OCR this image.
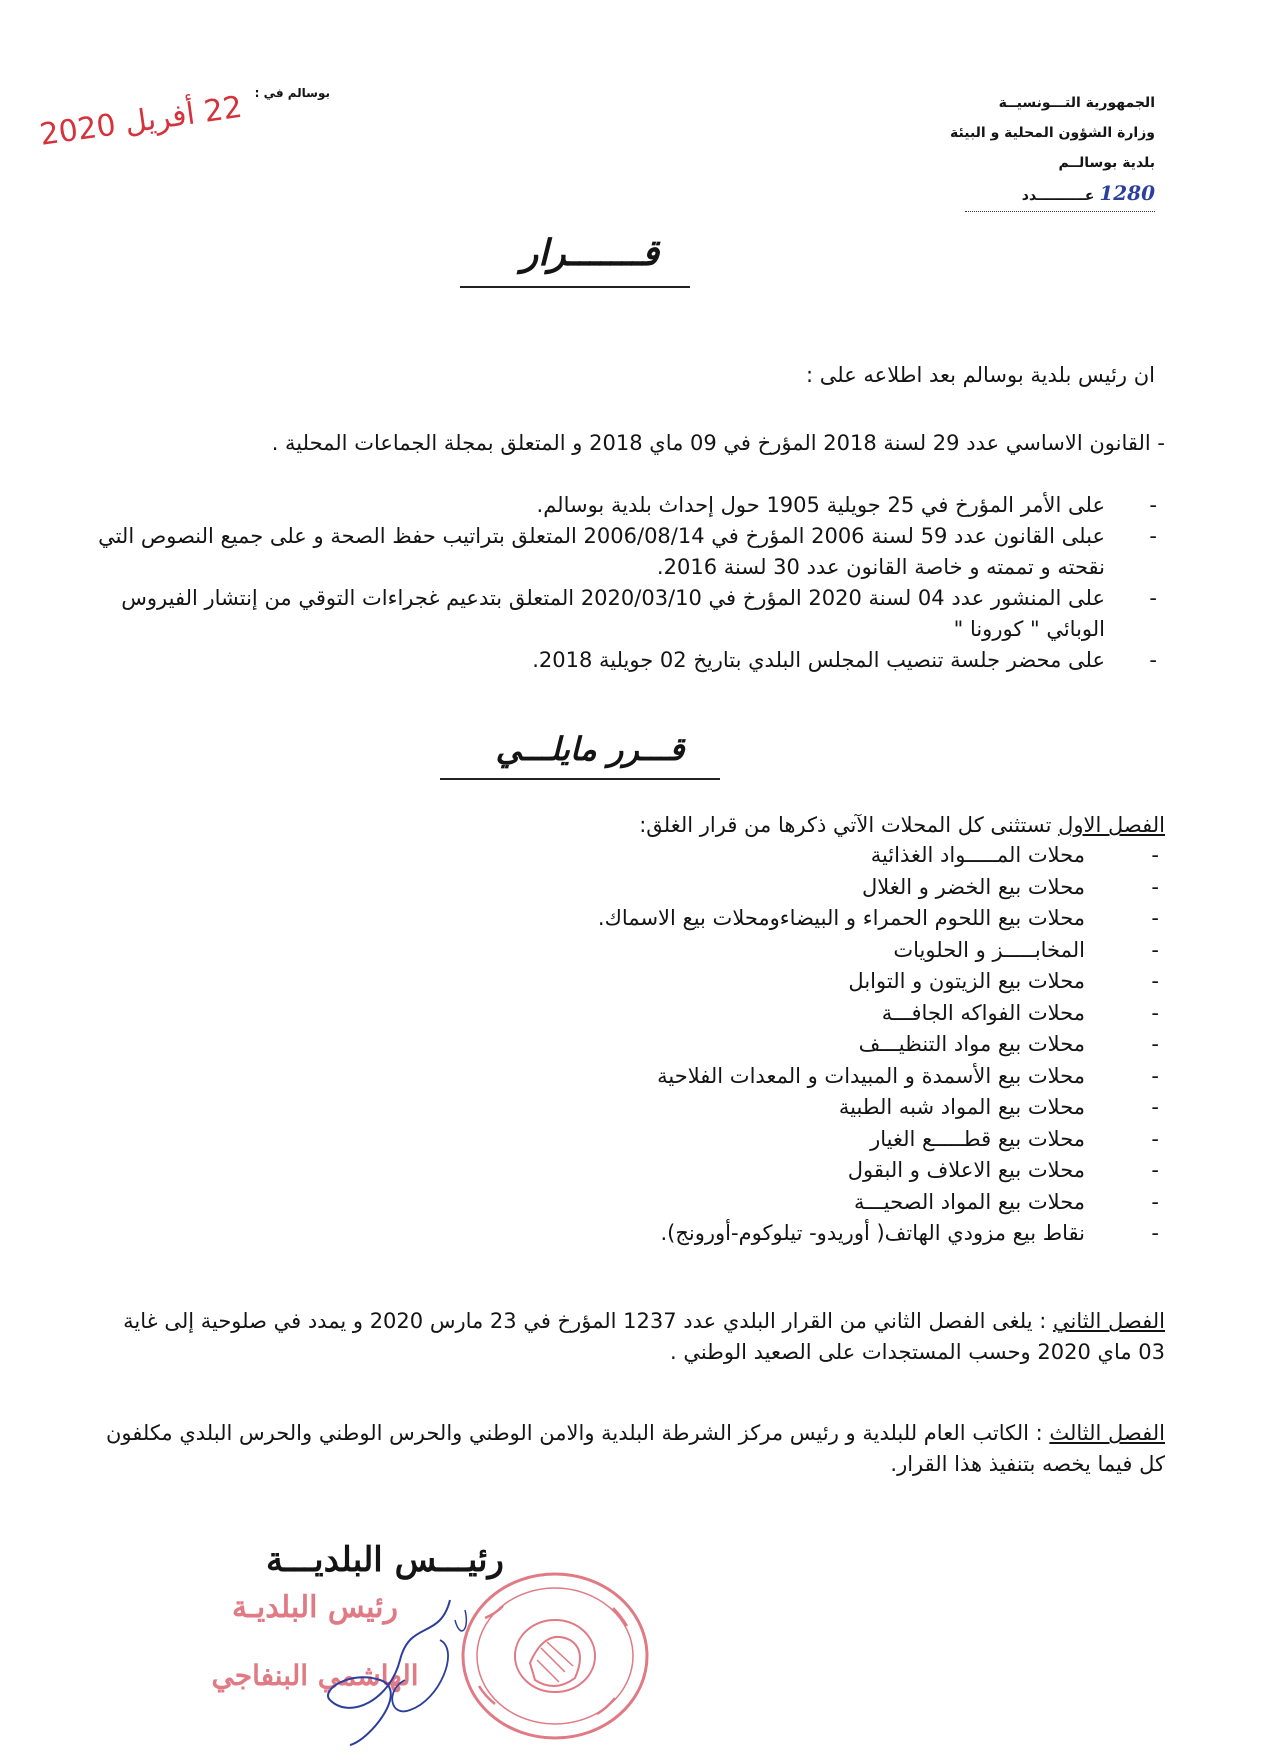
الجمهورية التـــونسيــة
وزارة الشؤون المحلية و البيئة
بلدية بوسالــم
1280 عــــــــــدد
بوسالم في :
22 أفريل 2020
قـــــــرار
ان رئيس بلدية بوسالم بعد اطلاعه على :
- القانون الاساسي عدد 29 لسنة 2018 المؤرخ في 09 ماي 2018 و المتعلق بمجلة الجماعات المحلية .
- على الأمر المؤرخ في 25 جويلية 1905 حول إحداث بلدية بوسالم.
- عبلى القانون عدد 59 لسنة 2006 المؤرخ في 2006/08/14 المتعلق بتراتيب حفظ الصحة و على جميع النصوص التي نقحته و تممته و خاصة القانون عدد 30 لسنة 2016.
- على المنشور عدد 04 لسنة 2020 المؤرخ في 2020/03/10 المتعلق بتدعيم غجراءات التوقي من إنتشار الفيروس الوبائي " كورونا "
- على محضر جلسة تنصيب المجلس البلدي بتاريخ 02 جويلية 2018.
قـــرر مايلـــي
الفصل الاول تستثنى كل المحلات الآتي ذكرها من قرار الغلق:
- محلات المـــــواد الغذائية
- محلات بيع الخضر و الغلال
- محلات بيع اللحوم الحمراء و البيضاءومحلات بيع الاسماك.
- المخابـــــز و الحلويات
- محلات بيع الزيتون و التوابل
- محلات الفواكه الجافـــة
- محلات بيع مواد التنظيـــف
- محلات بيع الأسمدة و المبيدات و المعدات الفلاحية
- محلات بيع المواد شبه الطبية
- محلات بيع قطـــــع الغيار
- محلات بيع الاعلاف و البقول
- محلات بيع المواد الصحيـــة
- نقاط بيع مزودي الهاتف( أوريدو- تيلوكوم-أورونج).
الفصل الثاني : يلغى الفصل الثاني من القرار البلدي عدد 1237 المؤرخ في 23 مارس 2020 و يمدد في صلوحية إلى غاية 03 ماي 2020 وحسب المستجدات على الصعيد الوطني .
الفصل الثالث : الكاتب العام للبلدية و رئيس مركز الشرطة البلدية والامن الوطني والحرس الوطني والحرس البلدي مكلفون كل فيما يخصه بتنفيذ هذا القرار.
رئيـــس البلديـــة
رئيس البلديـة
الهاشمي البنفاجي
